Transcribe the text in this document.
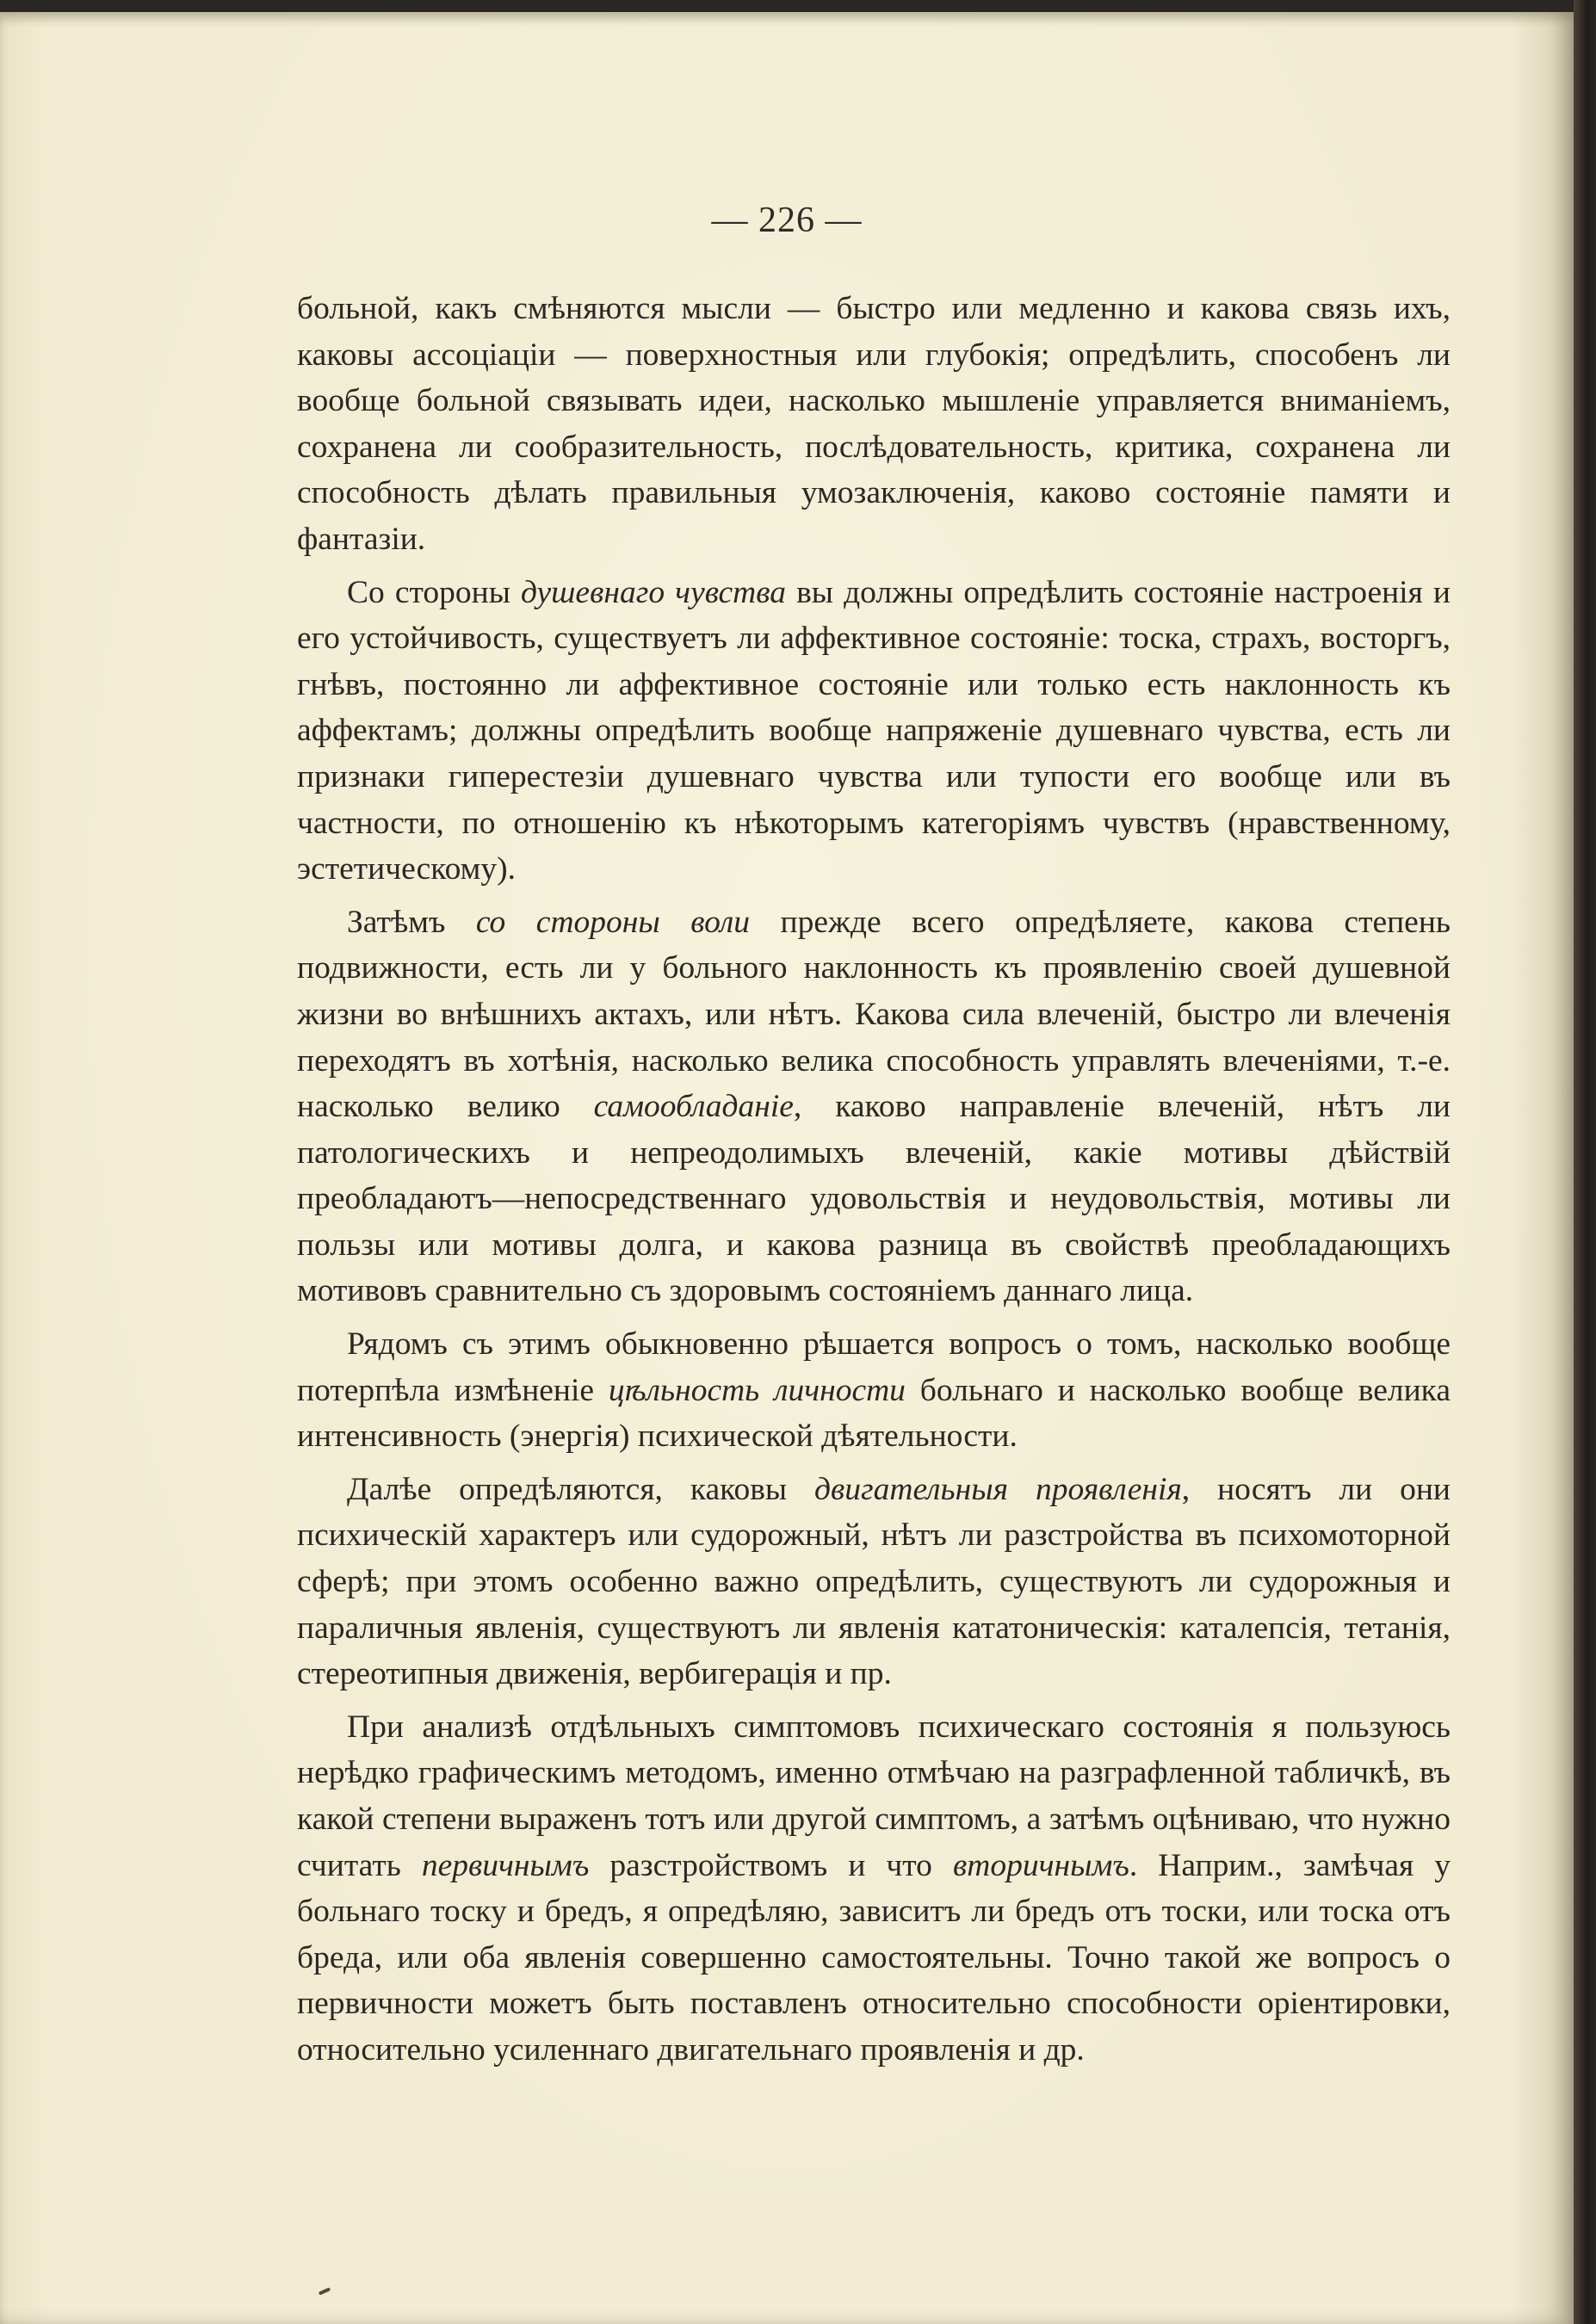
— 226 —

больной, какъ смѣняются мысли — быстро или медленно и какова связь ихъ, каковы ассоціаціи — поверхностныя или глубокія; опредѣлить, способенъ ли вообще больной связывать идеи, насколько мышленіе управляется вниманіемъ, сохранена ли сообразительность, послѣдовательность, критика, сохранена ли способность дѣлать правильныя умозаключенія, каково состояніе памяти и фантазіи.

Со стороны душевнаго чувства вы должны опредѣлить состояніе настроенія и его устойчивость, существуетъ ли аффективное состояніе: тоска, страхъ, восторгъ, гнѣвъ, постоянно ли аффективное состояніе или только есть наклонность къ аффектамъ; должны опредѣлить вообще напряженіе душевнаго чувства, есть ли признаки гиперестезіи душевнаго чувства или тупости его вообще или въ частности, по отношенію къ нѣкоторымъ категоріямъ чувствъ (нравственному, эстетическому).

Затѣмъ со стороны воли прежде всего опредѣляете, какова степень подвижности, есть ли у больного наклонность къ проявленію своей душевной жизни во внѣшнихъ актахъ, или нѣтъ. Какова сила влеченій, быстро ли влеченія переходятъ въ хотѣнія, насколько велика способность управлять влеченіями, т.-е. насколько велико самообладаніе, каково направленіе влеченій, нѣтъ ли патологическихъ и непреодолимыхъ влеченій, какіе мотивы дѣйствій преобладаютъ—непосредственнаго удовольствія и неудовольствія, мотивы ли пользы или мотивы долга, и какова разница въ свойствѣ преобладающихъ мотивовъ сравнительно съ здоровымъ состояніемъ даннаго лица.

Рядомъ съ этимъ обыкновенно рѣшается вопросъ о томъ, насколько вообще потерпѣла измѣненіе цѣльность личности больнаго и насколько вообще велика интенсивность (энергія) психической дѣятельности.

Далѣе опредѣляются, каковы двигательныя проявленія, носятъ ли они психическій характеръ или судорожный, нѣтъ ли разстройства въ психомоторной сферѣ; при этомъ особенно важно опредѣлить, существуютъ ли судорожныя и параличныя явленія, существуютъ ли явленія кататоническія: каталепсія, тетанія, стереотипныя движенія, вербигерація и пр.

При анализѣ отдѣльныхъ симптомовъ психическаго состоянія я пользуюсь нерѣдко графическимъ методомъ, именно отмѣчаю на разграфленной табличкѣ, въ какой степени выраженъ тотъ или другой симптомъ, а затѣмъ оцѣниваю, что нужно считать первичнымъ разстройствомъ и что вторичнымъ. Наприм., замѣчая у больнаго тоску и бредъ, я опредѣляю, зависитъ ли бредъ отъ тоски, или тоска отъ бреда, или оба явленія совершенно самостоятельны. Точно такой же вопросъ о первичности можетъ быть поставленъ относительно способности оріентировки, относительно усиленнаго двигательнаго проявленія и др.
